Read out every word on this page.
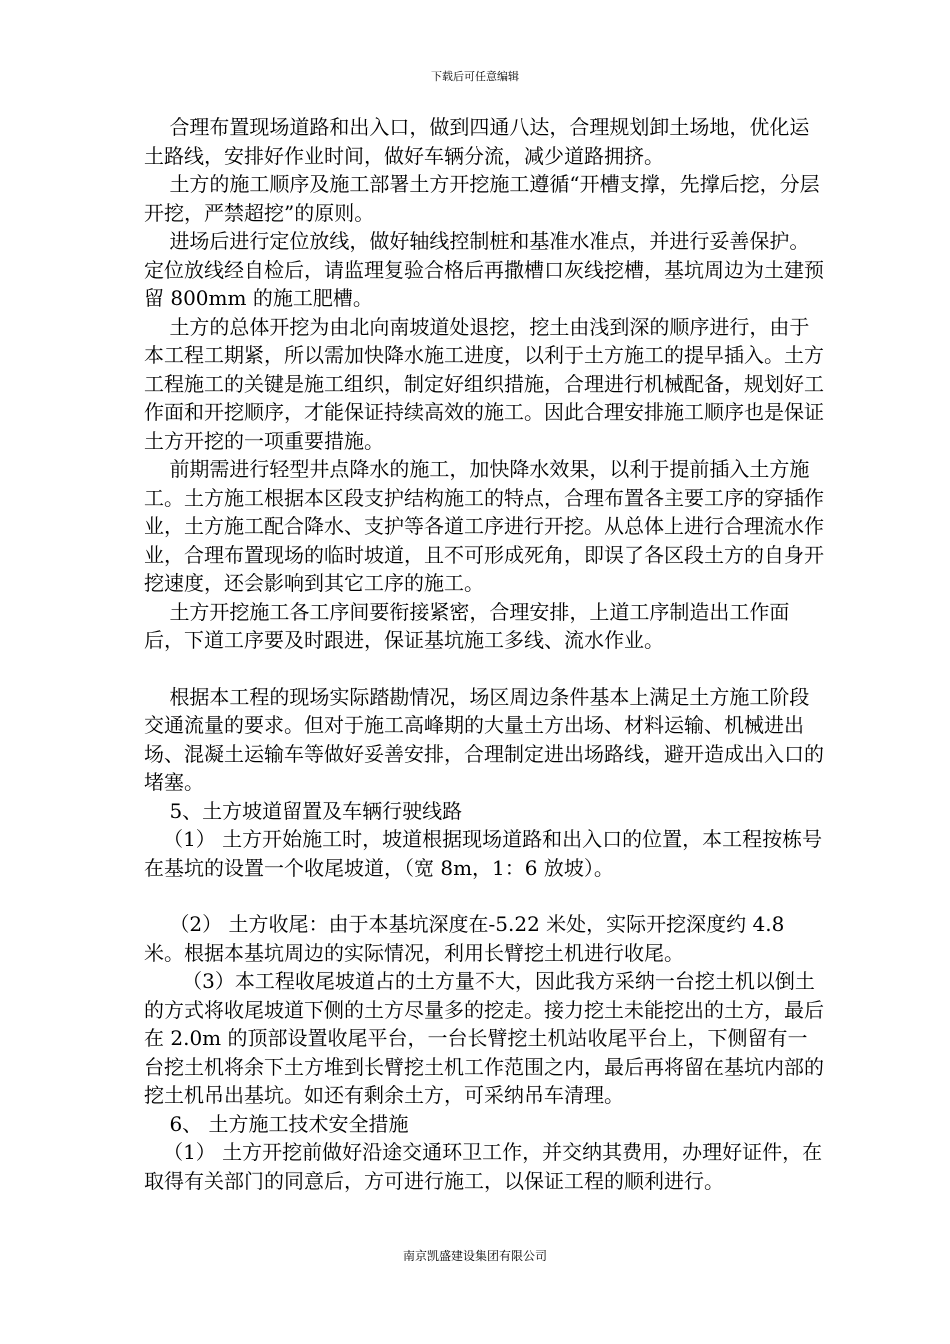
下载后可任意编辑

合理布置现场道路和出入口，做到四通八达，合理规划卸土场地，优化运土路线，安排好作业时间，做好车辆分流，减少道路拥挤。

土方的施工顺序及施工部署土方开挖施工遵循“开槽支撑，先撑后挖，分层开挖，严禁超挖”的原则。

进场后进行定位放线，做好轴线控制桩和基准水准点，并进行妥善保护。定位放线经自检后，请监理复验合格后再撒槽口灰线挖槽，基坑周边为土建预留 800mm 的施工肥槽。

土方的总体开挖为由北向南坡道处退挖，挖土由浅到深的顺序进行，由于本工程工期紧，所以需加快降水施工进度，以利于土方施工的提早插入。土方工程施工的关键是施工组织，制定好组织措施，合理进行机械配备，规划好工作面和开挖顺序，才能保证持续高效的施工。因此合理安排施工顺序也是保证土方开挖的一项重要措施。

前期需进行轻型井点降水的施工，加快降水效果，以利于提前插入土方施工。土方施工根据本区段支护结构施工的特点，合理布置各主要工序的穿插作业，土方施工配合降水、支护等各道工序进行开挖。从总体上进行合理流水作业，合理布置现场的临时坡道，且不可形成死角，即误了各区段土方的自身开挖速度，还会影响到其它工序的施工。

土方开挖施工各工序间要衔接紧密，合理安排，上道工序制造出工作面后，下道工序要及时跟进，保证基坑施工多线、流水作业。

根据本工程的现场实际踏勘情况，场区周边条件基本上满足土方施工阶段交通流量的要求。但对于施工高峰期的大量土方出场、材料运输、机械进出场、混凝土运输车等做好妥善安排，合理制定进出场路线，避开造成出入口的堵塞。

5、土方坡道留置及车辆行驶线路

（1） 土方开始施工时，坡道根据现场道路和出入口的位置，本工程按栋号在基坑的设置一个收尾坡道，（宽 8m，1：6 放坡）。

（2） 土方收尾：由于本基坑深度在-5.22 米处，实际开挖深度约 4.8 米。根据本基坑周边的实际情况，利用长臂挖土机进行收尾。

（3）本工程收尾坡道占的土方量不大，因此我方采纳一台挖土机以倒土的方式将收尾坡道下侧的土方尽量多的挖走。接力挖土未能挖出的土方，最后在 2.0m 的顶部设置收尾平台，一台长臂挖土机站收尾平台上，下侧留有一台挖土机将余下土方堆到长臂挖土机工作范围之内，最后再将留在基坑内部的挖土机吊出基坑。如还有剩余土方，可采纳吊车清理。

6、 土方施工技术安全措施

（1） 土方开挖前做好沿途交通环卫工作，并交纳其费用，办理好证件，在取得有关部门的同意后，方可进行施工，以保证工程的顺利进行。

南京凯盛建设集团有限公司
